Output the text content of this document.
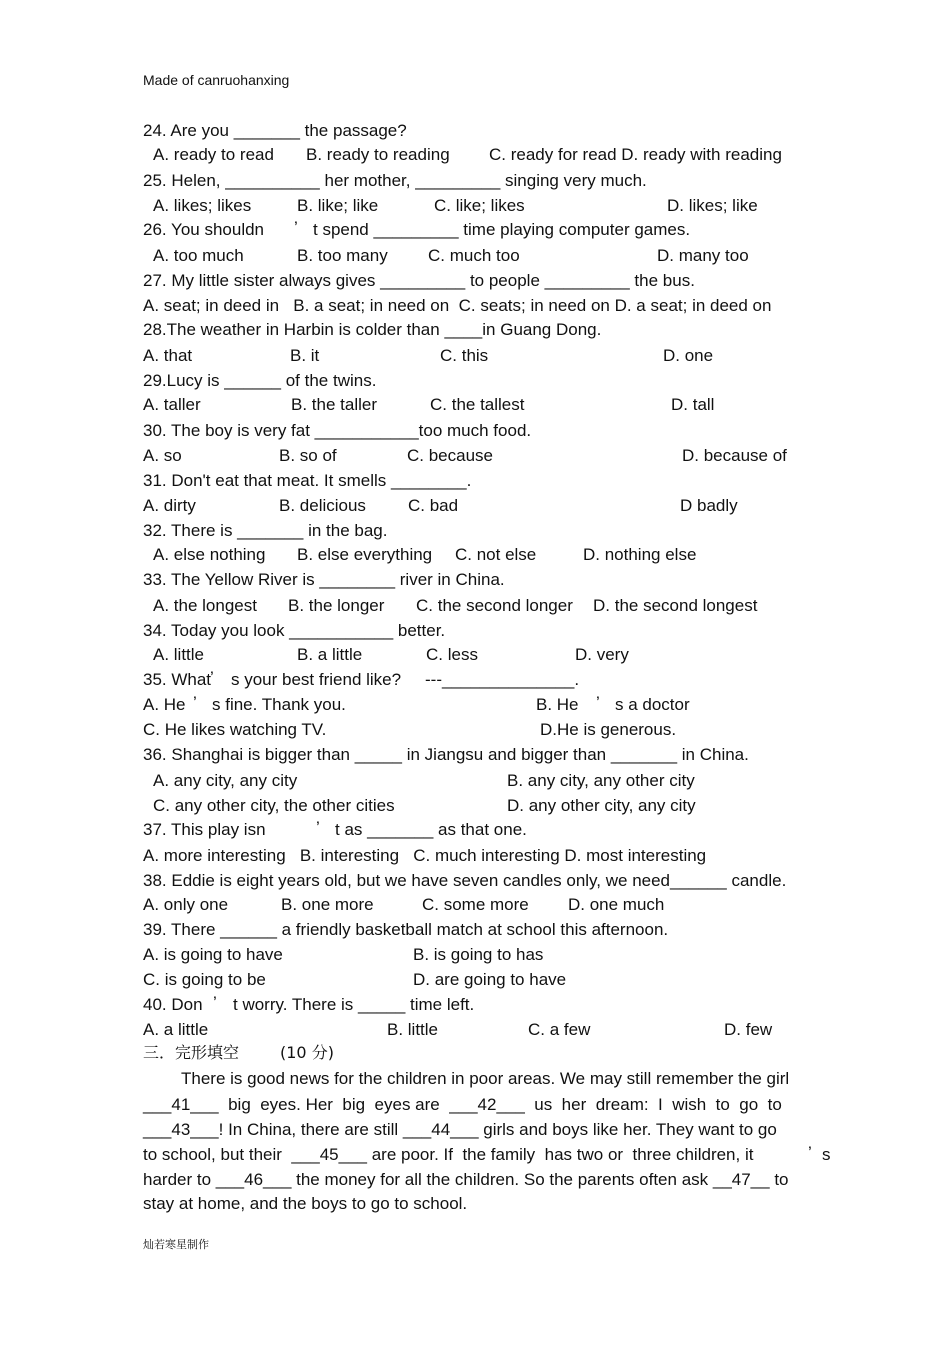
Made of canruohanxing
24. Are you _______ the passage?
A. ready to read B. ready to reading C. ready for read D. ready with reading
25. Helen, __________ her mother, _________ singing very much.
A. likes; likes	B. like; like	C. like; likes	D. likes; like
26. You shouldn ’ t spend _________ time playing computer games.
A. too much	B. too many C. much too	D. many too
27. My little sister always gives _________ to people _________ the bus.
A. seat; in deed in   B. a seat; in need on  C. seats; in need on D. a seat; in deed on
28.The weather in Harbin is colder than ____in Guang Dong.
A. that	B. it	C. this	D. one
29.Lucy is ______ of the twins.
A. taller	B. the taller	C. the tallest	D. tall
30. The boy is very fat ___________too much food.
A. so	B. so of	C. because	D. because of
31. Don't eat that meat. It smells ________.
A. dirty	B. delicious C. bad	D badly
32. There is _______ in the bag.
A. else nothing B. else everything C. not else	D. nothing else
33. The Yellow River is ________ river in China.
A. the longest B. the longer C. the second longer D. the second longest
34. Today you look ___________ better.
A. little	B. a little	C. less	D. very
35. What
’ s your best friend like? ---______________.
A. He ’ s fine. Thank you.	B. He ’ s a doctor
C. He likes watching TV.	D.He is generous.
36. Shanghai is bigger than _____ in Jiangsu and bigger than _______ in China.
A. any city, any city	B. any city, any other city
C. any other city, the other cities	D. any other city, any city
37. This play isn	’ t as _______ as that one.
A. more interesting   B. interesting   C. much interesting D. most interesting
38. Eddie is eight years old, but we have seven candles only, we need______ candle.
A. only one	B. one more	C. some more D. one much
39. There ______ a friendly basketball match at school this afternoon.
A. is going to have	B. is going to has
C. is going to be	D. are going to have
40. Don ’ t worry. There is _____ time left.
A. a little	B. little	C. a few	D. few
三．完形填空	(10 分)
There is good news for the children in poor areas. We may still remember the girl
___41___  big  eyes. Her  big  eyes are  ___42___  us  her  dream:  I  wish  to  go  to
___43___! In China, there are still ___44___ girls and boys like her. They want to go
to school, but their  ___45___ are poor. If  the family  has two or  three children, it	’ s
harder to ___46___ the money for all the children. So the parents often ask __47__ to
stay at home, and the boys to go to school.
灿若寒星制作
